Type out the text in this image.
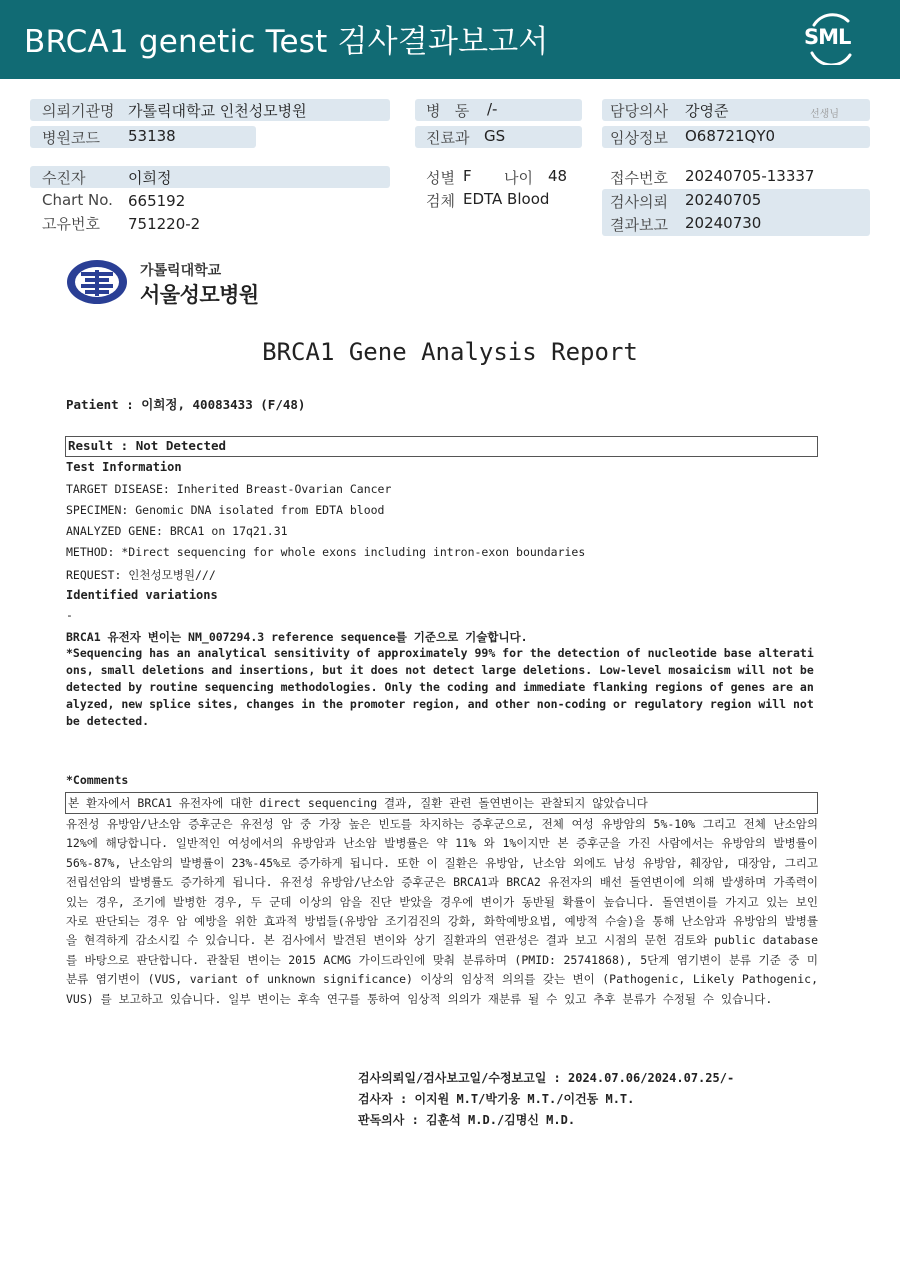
BRCA1 genetic Test 검사결과보고서	SML
의뢰기관명 가톨릭대학교 인천성모병원
병원코드 53138
병   동 /-
진료과 GS
담당의사 강영준	선생님
임상정보 O68721QY0
수진자	이희정
Chart No. 665192
고유번호 751220-2
성별 F 나이 48
검체 EDTA Blood
접수번호 20240705-13337
검사의뢰 20240705
결과보고 20240730
가톨릭대학교
서울성모병원
BRCA1 Gene Analysis Report
Patient : 이희정, 40083433 (F/48)
Result : Not Detected
Test Information
TARGET DISEASE: Inherited Breast-Ovarian Cancer
SPECIMEN: Genomic DNA isolated from EDTA blood
ANALYZED GENE: BRCA1 on 17q21.31
METHOD: *Direct sequencing for whole exons including intron-exon boundaries
REQUEST: 인천성모병원///
Identified variations
-
BRCA1 유전자 변이는 NM_007294.3 reference sequence를 기준으로 기술합니다.
*Sequencing has an analytical sensitivity of approximately 99% for the detection of nucleotide base alterations, small deletions and insertions, but it does not detect large deletions. Low-level mosaicism will not be detected by routine sequencing methodologies. Only the coding and immediate flanking regions of genes are analyzed, new splice sites, changes in the promoter region, and other non-coding or regulatory region will not be detected.
*Comments
본 환자에서 BRCA1 유전자에 대한 direct sequencing 결과, 질환 관련 돌연변이는 관찰되지 않았습니다
유전성 유방암/난소암 증후군은 유전성 암 중 가장 높은 빈도를 차지하는 증후군으로, 전체 여성 유방암의 5%-10% 그리고 전체 난소암의 12%에 해당합니다. 일반적인 여성에서의 유방암과 난소암 발병률은 약 11% 와 1%이지만 본 증후군을 가진 사람에서는 유방암의 발병률이 56%-87%, 난소암의 발병률이 23%-45%로 증가하게 됩니다. 또한 이 질환은 유방암, 난소암 외에도 남성 유방암, 췌장암, 대장암, 그리고 전립선암의 발병률도 증가하게 됩니다. 유전성 유방암/난소암 증후군은 BRCA1과 BRCA2 유전자의 배선 돌연변이에 의해 발생하며 가족력이 있는 경우, 조기에 발병한 경우, 두 군데 이상의 암을 진단 받았을 경우에 변이가 동반될 확률이 높습니다. 돌연변이를 가지고 있는 보인자로 판단되는 경우 암 예방을 위한 효과적 방법들(유방암 조기검진의 강화, 화학예방요법, 예방적 수술)을 통해 난소암과 유방암의 발병률을 현격하게 감소시킬 수 있습니다. 본 검사에서 발견된 변이와 상기 질환과의 연관성은 결과 보고 시점의 문헌 검토와 public database를 바탕으로 판단합니다. 관찰된 변이는 2015 ACMG 가이드라인에 맞춰 분류하며 (PMID: 25741868), 5단계 염기변이 분류 기준 중 미분류 염기변이 (VUS, variant of unknown significance) 이상의 임상적 의의를 갖는 변이 (Pathogenic, Likely Pathogenic, VUS) 를 보고하고 있습니다. 일부 변이는 후속 연구를 통하여 임상적 의의가 재분류 될 수 있고 추후 분류가 수정될 수 있습니다.
검사의뢰일/검사보고일/수정보고일 : 2024.07.06/2024.07.25/-
검사자 : 이지원 M.T/박기웅 M.T./이건동 M.T.
판독의사 : 김훈석 M.D./김명신 M.D.
